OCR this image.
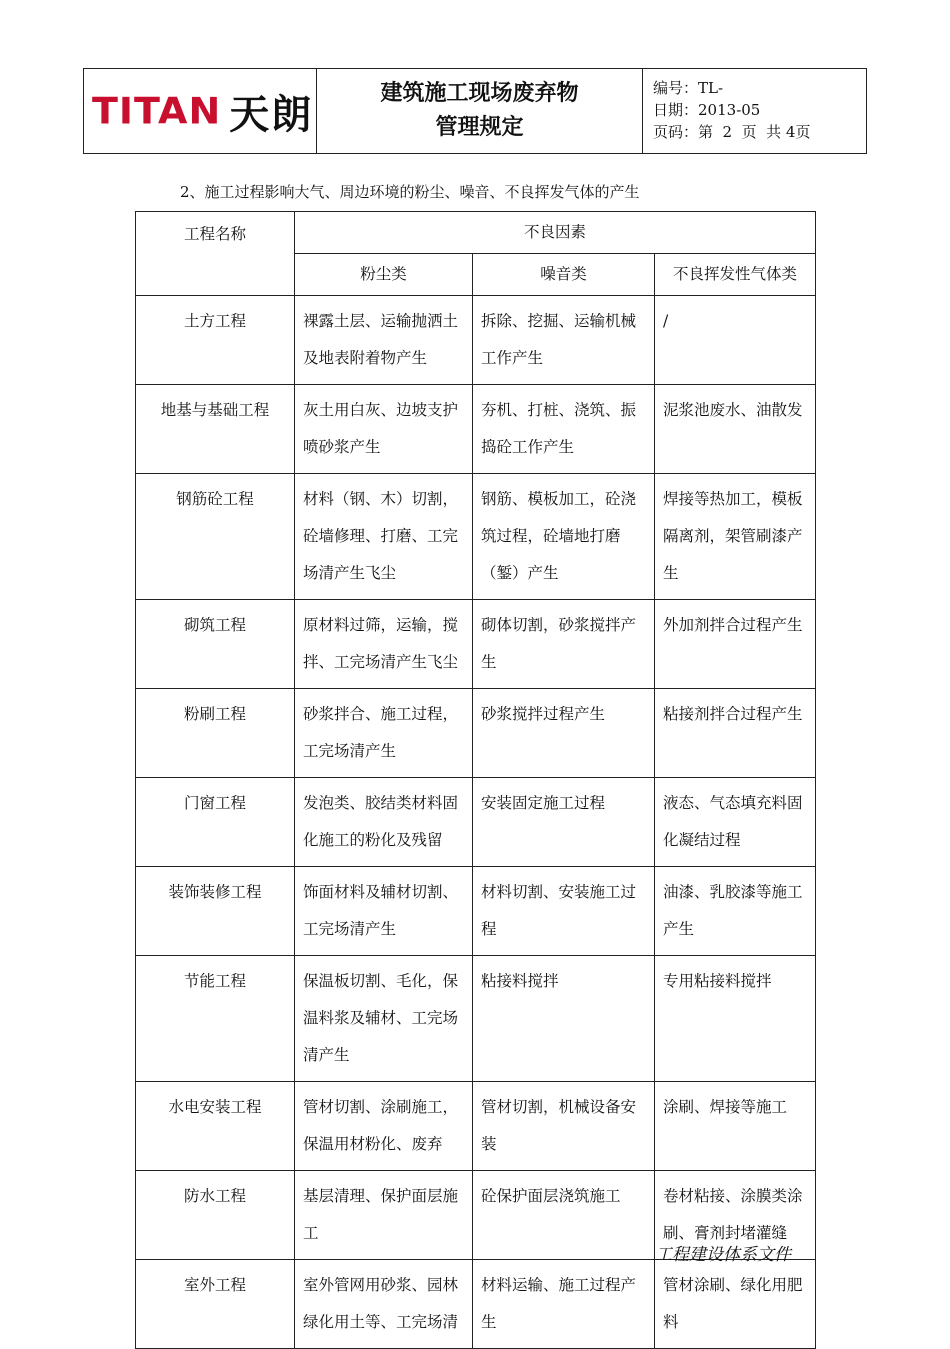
TITAN 天朗	建筑施工现场废弃物
管理规定
编号：TL-
日期：2013-05
页码：第  2  页  共 4页
2、施工过程影响大气、周边环境的粉尘、噪音、不良挥发气体的产生
工程名称	不良因素		
	粉尘类	噪音类	不良挥发性气体类
土方工程	裸露土层、运输抛洒土及地表附着物产生	拆除、挖掘、运输机械工作产生	/
地基与基础工程	灰土用白灰、边坡支护喷砂浆产生	夯机、打桩、浇筑、振捣砼工作产生	泥浆池废水、油散发
钢筋砼工程	材料（钢、木）切割，砼墙修理、打磨、工完场清产生飞尘	钢筋、模板加工，砼浇筑过程，砼墙地打磨（錾）产生	焊接等热加工，模板隔离剂，架管刷漆产生
砌筑工程	原材料过筛，运输，搅拌、工完场清产生飞尘	砌体切割，砂浆搅拌产生	外加剂拌合过程产生
粉刷工程	砂浆拌合、施工过程，工完场清产生	砂浆搅拌过程产生	粘接剂拌合过程产生
门窗工程	发泡类、胶结类材料固化施工的粉化及残留	安装固定施工过程	液态、气态填充料固化凝结过程
装饰装修工程	饰面材料及辅材切割、工完场清产生	材料切割、安装施工过程	油漆、乳胶漆等施工产生
节能工程	保温板切割、毛化，保温料浆及辅材、工完场清产生	粘接料搅拌	专用粘接料搅拌
水电安装工程	管材切割、涂刷施工，保温用材粉化、废弃	管材切割，机械设备安装	涂刷、焊接等施工
防水工程	基层清理、保护面层施工	砼保护面层浇筑施工	卷材粘接、涂膜类涂刷、膏剂封堵灌缝
室外工程	室外管网用砂浆、园林绿化用土等、工完场清	材料运输、施工过程产生	管材涂刷、绿化用肥料
工程建设体系文件
